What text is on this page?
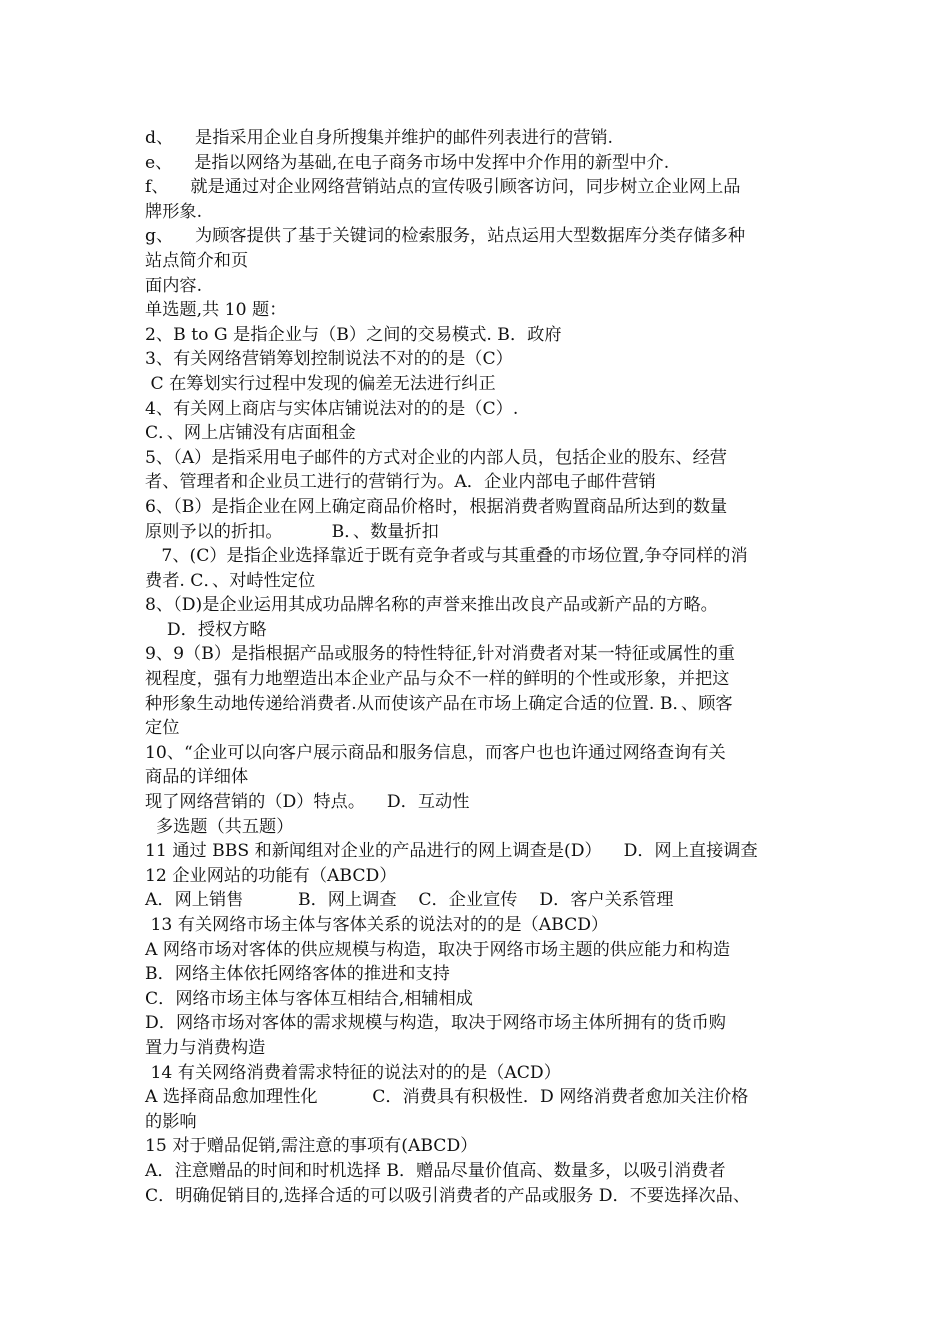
d、    是指采用企业自身所搜集并维护的邮件列表进行的营销.
e、    是指以网络为基础,在电子商务市场中发挥中介作用的新型中介.
f、    就是通过对企业网络营销站点的宣传吸引顾客访问，同步树立企业网上品
牌形象.
g、    为顾客提供了基于关键词的检索服务，站点运用大型数据库分类存储多种
站点简介和页
面内容.
单选题,共 10 题：
2、B to G 是指企业与（B）之间的交易模式. B．政府
3、有关网络营销筹划控制说法不对的的是（C）
C 在筹划实行过程中发现的偏差无法进行纠正
4、有关网上商店与实体店铺说法对的的是（C）.
C．、网上店铺没有店面租金
5、（A）是指采用电子邮件的方式对企业的内部人员，包括企业的股东、经营
者、管理者和企业员工进行的营销行为。A．企业内部电子邮件营销
6、（B）是指企业在网上确定商品价格时，根据消费者购置商品所达到的数量
原则予以的折扣。         B．、数量折扣
7、(C）是指企业选择靠近于既有竞争者或与其重叠的市场位置,争夺同样的消
费者. C．、对峙性定位
8、（D)是企业运用其成功品牌名称的声誉来推出改良产品或新产品的方略。
D．授权方略
9、9（B）是指根据产品或服务的特性特征,针对消费者对某一特征或属性的重
视程度，强有力地塑造出本企业产品与众不一样的鲜明的个性或形象，并把这
种形象生动地传递给消费者.从而使该产品在市场上确定合适的位置. B．、顾客
定位
10、“企业可以向客户展示商品和服务信息，而客户也也许通过网络查询有关
商品的详细体
现了网络营销的（D）特点。    D．互动性
多选题（共五题）
11 通过 BBS 和新闻组对企业的产品进行的网上调查是(D）    D．网上直接调查
12 企业网站的功能有（ABCD）
A．网上销售          B．网上调查    C．企业宣传    D．客户关系管理
13 有关网络市场主体与客体关系的说法对的的是（ABCD）
A 网络市场对客体的供应规模与构造，取决于网络市场主题的供应能力和构造
B．网络主体依托网络客体的推进和支持
C．网络市场主体与客体互相结合,相辅相成
D．网络市场对客体的需求规模与构造，取决于网络市场主体所拥有的货币购
置力与消费构造
14 有关网络消费着需求特征的说法对的的是（ACD）
A 选择商品愈加理性化          C．消费具有积极性．D 网络消费者愈加关注价格
的影响
15 对于赠品促销,需注意的事项有(ABCD）
A．注意赠品的时间和时机选择 B．赠品尽量价值高、数量多，以吸引消费者
C．明确促销目的,选择合适的可以吸引消费者的产品或服务 D．不要选择次品、
